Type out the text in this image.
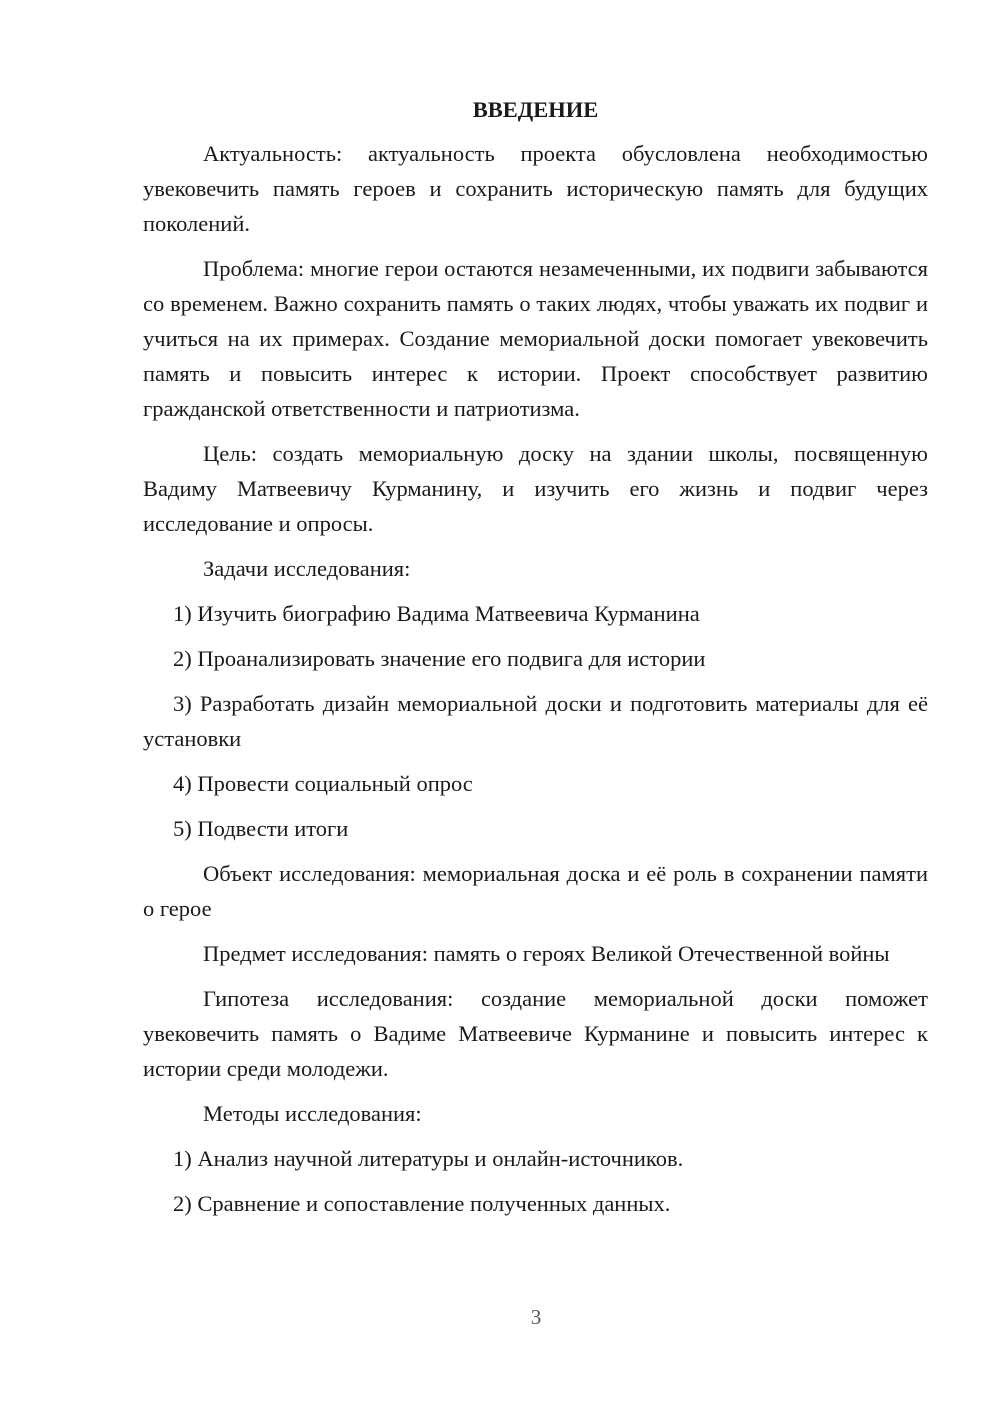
ВВЕДЕНИЕ

Актуальность: актуальность проекта обусловлена необходимостью увековечить память героев и сохранить историческую память для будущих поколений.

Проблема: многие герои остаются незамеченными, их подвиги забываются со временем. Важно сохранить память о таких людях, чтобы уважать их подвиг и учиться на их примерах. Создание мемориальной доски помогает увековечить память и повысить интерес к истории. Проект способствует развитию гражданской ответственности и патриотизма.

Цель: создать мемориальную доску на здании школы, посвященную Вадиму Матвеевичу Курманину, и изучить его жизнь и подвиг через исследование и опросы.

Задачи исследования:

1) Изучить биографию Вадима Матвеевича Курманина

2) Проанализировать значение его подвига для истории

3) Разработать дизайн мемориальной доски и подготовить материалы для её установки

4) Провести социальный опрос

5) Подвести итоги

Объект исследования: мемориальная доска и её роль в сохранении памяти о герое

Предмет исследования: память о героях Великой Отечественной войны

Гипотеза исследования: создание мемориальной доски поможет увековечить память о Вадиме Матвеевиче Курманине и повысить интерес к истории среди молодежи.

Методы исследования:

1) Анализ научной литературы и онлайн-источников.

2) Сравнение и сопоставление полученных данных.

3
